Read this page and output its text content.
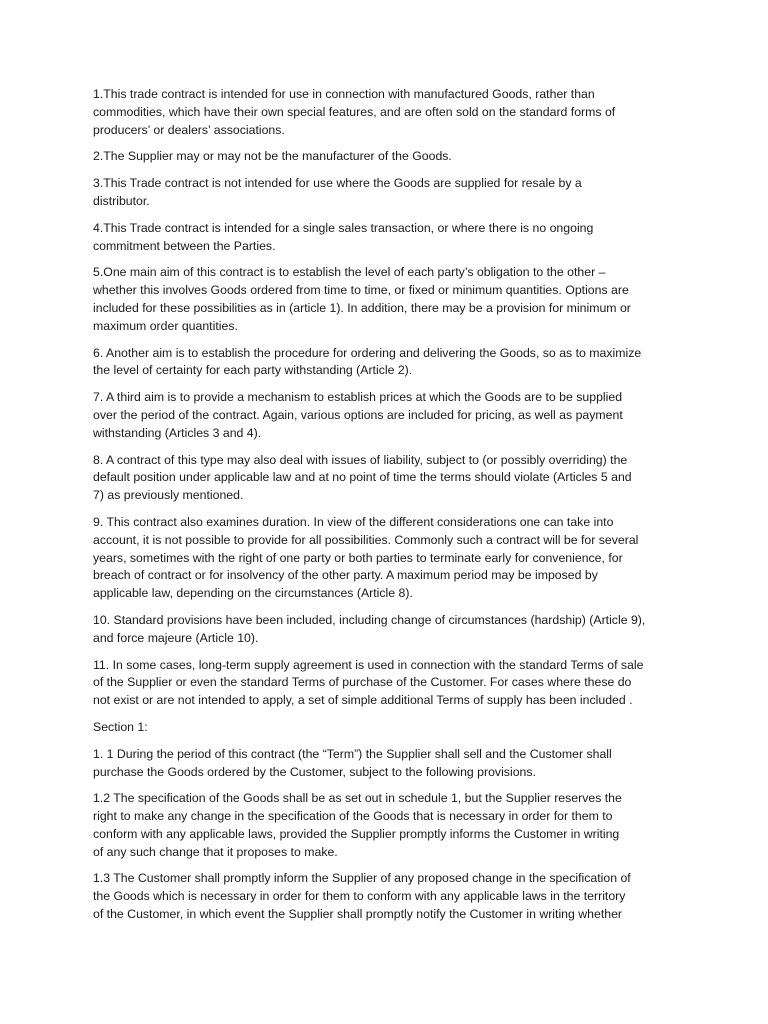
1.This trade contract is intended for use in connection with manufactured Goods, rather than
commodities, which have their own special features, and are often sold on the standard forms of
producers’ or dealers’ associations.

2.The Supplier may or may not be the manufacturer of the Goods.

3.This Trade contract is not intended for use where the Goods are supplied for resale by a
distributor.

4.This Trade contract is intended for a single sales transaction, or where there is no ongoing
commitment between the Parties.

5.One main aim of this contract is to establish the level of each party’s obligation to the other –
whether this involves Goods ordered from time to time, or fixed or minimum quantities. Options are
included for these possibilities as in (article 1). In addition, there may be a provision for minimum or
maximum order quantities.

6. Another aim is to establish the procedure for ordering and delivering the Goods, so as to maximize
the level of certainty for each party withstanding (Article 2).

7. A third aim is to provide a mechanism to establish prices at which the Goods are to be supplied
over the period of the contract. Again, various options are included for pricing, as well as payment
withstanding (Articles 3 and 4).

8. A contract of this type may also deal with issues of liability, subject to (or possibly overriding) the
default position under applicable law and at no point of time the terms should violate (Articles 5 and
7) as previously mentioned.

9. This contract also examines duration. In view of the different considerations one can take into
account, it is not possible to provide for all possibilities. Commonly such a contract will be for several
years, sometimes with the right of one party or both parties to terminate early for convenience, for
breach of contract or for insolvency of the other party. A maximum period may be imposed by
applicable law, depending on the circumstances (Article 8).

10. Standard provisions have been included, including change of circumstances (hardship) (Article 9),
and force majeure (Article 10).

11. In some cases, long-term supply agreement is used in connection with the standard Terms of sale
of the Supplier or even the standard Terms of purchase of the Customer. For cases where these do
not exist or are not intended to apply, a set of simple additional Terms of supply has been included .

Section 1:

1. 1 During the period of this contract (the “Term”) the Supplier shall sell and the Customer shall
purchase the Goods ordered by the Customer, subject to the following provisions.

1.2 The specification of the Goods shall be as set out in schedule 1, but the Supplier reserves the
right to make any change in the specification of the Goods that is necessary in order for them to
conform with any applicable laws, provided the Supplier promptly informs the Customer in writing
of any such change that it proposes to make.

1.3 The Customer shall promptly inform the Supplier of any proposed change in the specification of
the Goods which is necessary in order for them to conform with any applicable laws in the territory
of the Customer, in which event the Supplier shall promptly notify the Customer in writing whether
